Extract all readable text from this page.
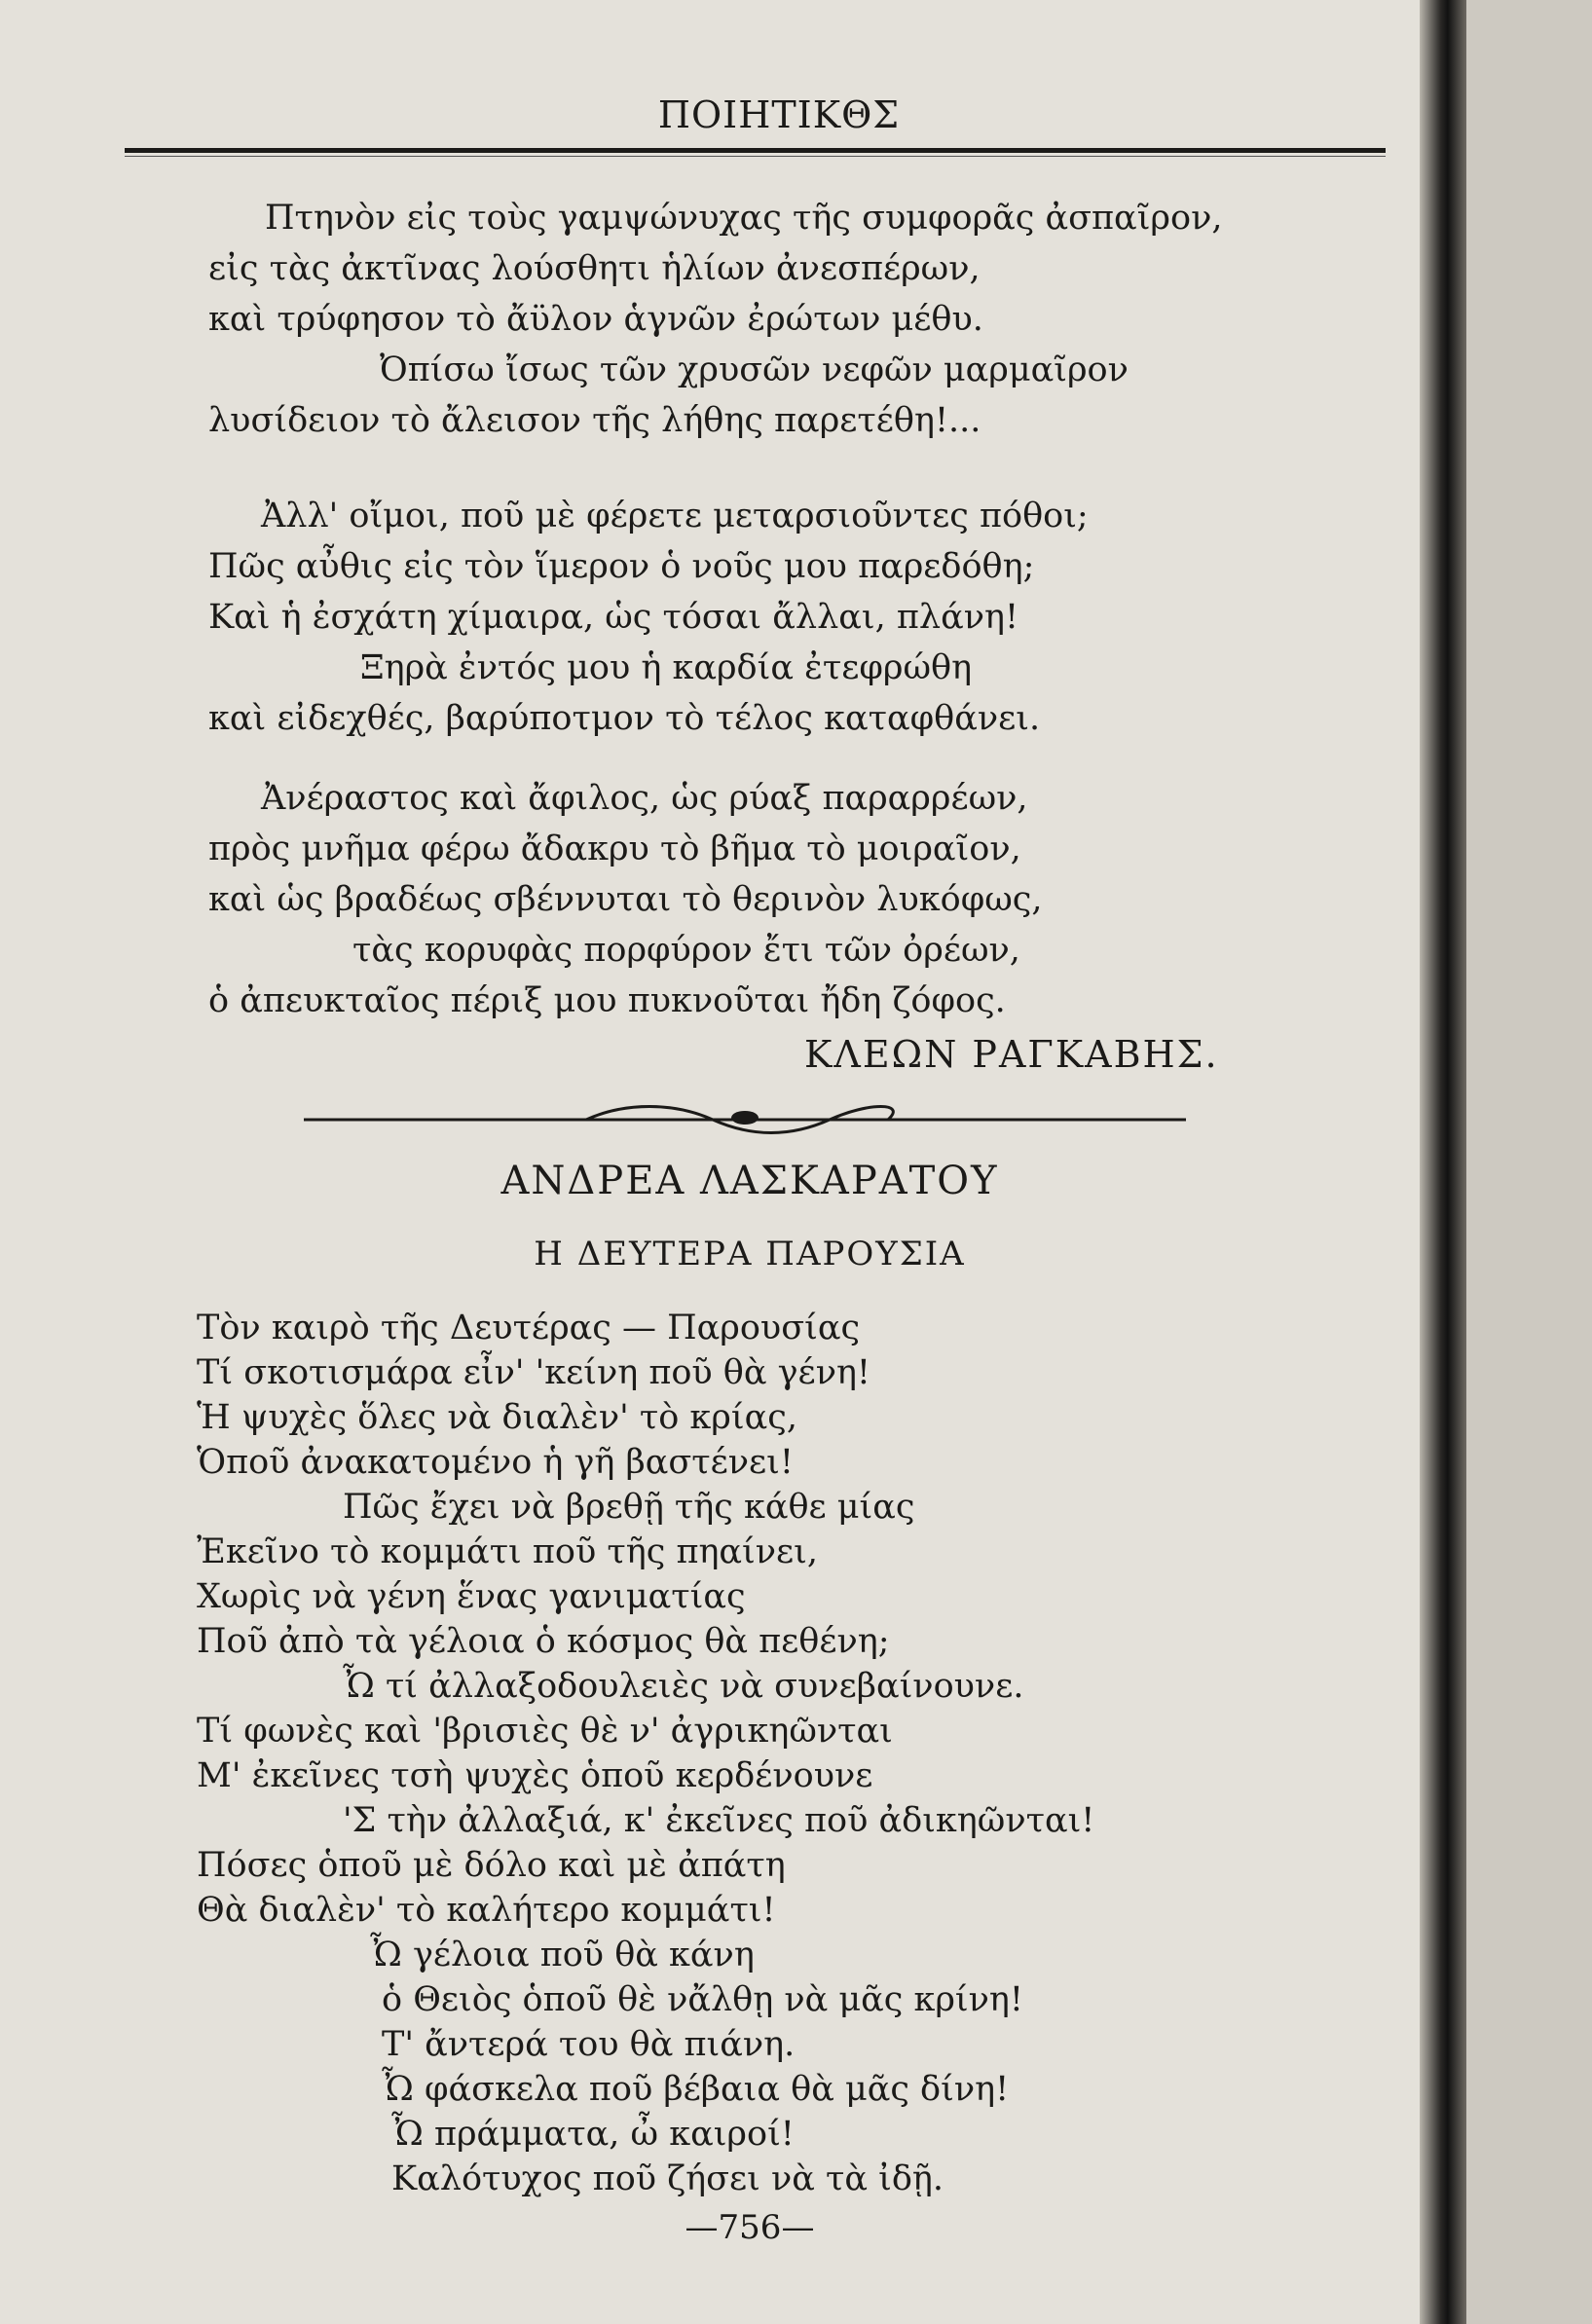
ΠΟΙΗΤΙΚΘΣ
Πτηνὸν εἰς τοὺς γαμψώνυχας τῆς συμφορᾶς ἀσπαῖρον,
εἰς τὰς ἀκτῖνας λούσθητι ἡλίων ἀνεσπέρων,
καὶ τρύφησον τὸ ἄϋλον ἁγνῶν ἐρώτων μέθυ.
Ὀπίσω ἴσως τῶν χρυσῶν νεφῶν μαρμαῖρον
λυσίδειον τὸ ἄλεισον τῆς λήθης παρετέθη!...
Ἀλλ' οἴμοι, ποῦ μὲ φέρετε μεταρσιοῦντες πόθοι;
Πῶς αὖθις εἰς τὸν ἵμερον ὁ νοῦς μου παρεδόθη;
Καὶ ἡ ἐσχάτη χίμαιρα, ὡς τόσαι ἄλλαι, πλάνη!
Ξηρὰ ἐντός μου ἡ καρδία ἐτεφρώθη
καὶ εἰδεχθές, βαρύποτμον τὸ τέλος καταφθάνει.
Ἀνέραστος καὶ ἄφιλος, ὡς ρύαξ παραρρέων,
πρὸς μνῆμα φέρω ἄδακρυ τὸ βῆμα τὸ μοιραῖον,
καὶ ὡς βραδέως σβέννυται τὸ θερινὸν λυκόφως,
τὰς κορυφὰς πορφύρον ἔτι τῶν ὀρέων,
ὁ ἀπευκταῖος πέριξ μου πυκνοῦται ἤδη ζόφος.
ΚΛΕΩΝ ΡΑΓΚΑΒΗΣ.
ΑΝΔΡΕΑ ΛΑΣΚΑΡΑΤΟΥ
Η ΔΕΥΤΕΡΑ ΠΑΡΟΥΣΙΑ
Τὸν καιρὸ τῆς Δευτέρας — Παρουσίας
Τί σκοτισμάρα εἶν' 'κείνη ποῦ θὰ γένη!
Ἡ ψυχὲς ὅλες νὰ διαλὲν' τὸ κρίας,
Ὁποῦ ἀνακατομένο ἡ γῆ βαστένει!
Πῶς ἔχει νὰ βρεθῇ τῆς κάθε μίας
Ἐκεῖνο τὸ κομμάτι ποῦ τῆς πηαίνει,
Χωρὶς νὰ γένη ἕνας γανιματίας
Ποῦ ἀπὸ τὰ γέλοια ὁ κόσμος θὰ πεθένη;
Ὦ τί ἀλλαξοδουλειὲς νὰ συνεβαίνουνε.
Τί φωνὲς καὶ 'βρισιὲς θὲ ν' ἀγρικηῶνται
Μ' ἐκεῖνες τσὴ ψυχὲς ὁποῦ κερδένουνε
'Σ τὴν ἀλλαξιά, κ' ἐκεῖνες ποῦ ἀδικηῶνται!
Πόσες ὁποῦ μὲ δόλο καὶ μὲ ἀπάτη
Θὰ διαλὲν' τὸ καλήτερο κομμάτι!
Ὦ γέλοια ποῦ θὰ κάνη
ὁ Θειὸς ὁποῦ θὲ νἄλθῃ νὰ μᾶς κρίνη!
Τ' ἄντερά του θὰ πιάνη.
Ὦ φάσκελα ποῦ βέβαια θὰ μᾶς δίνη!
Ὦ πράμματα, ὦ καιροί!
Καλότυχος ποῦ ζήσει νὰ τὰ ἰδῇ.
—756—
